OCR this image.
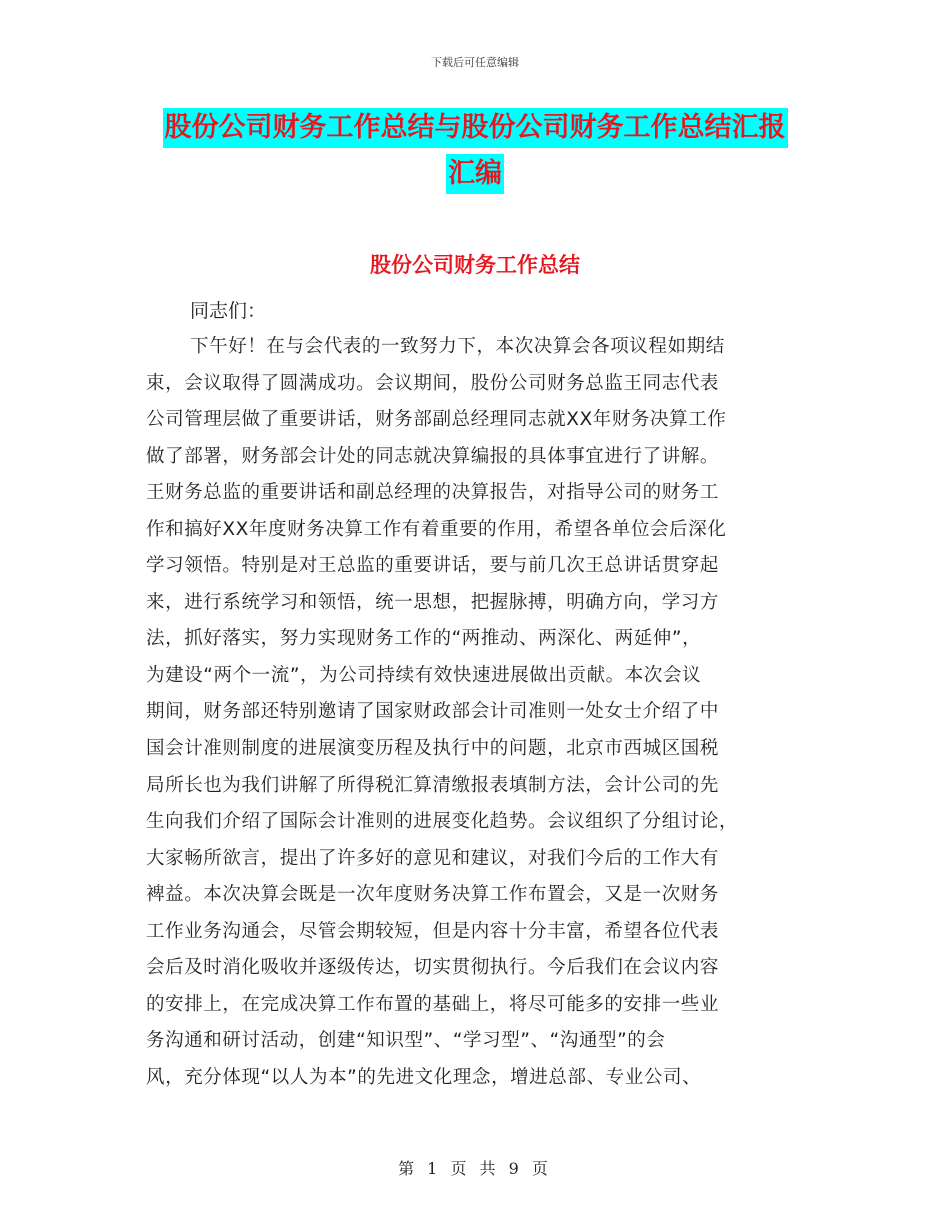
下载后可任意编辑
股份公司财务工作总结与股份公司财务工作总结汇报
汇编
股份公司财务工作总结
同志们：
下午好！在与会代表的一致努力下，本次决算会各项议程如期结
束，会议取得了圆满成功。会议期间，股份公司财务总监王同志代表
公司管理层做了重要讲话，财务部副总经理同志就XX年财务决算工作
做了部署，财务部会计处的同志就决算编报的具体事宜进行了讲解。
王财务总监的重要讲话和副总经理的决算报告，对指导公司的财务工
作和搞好XX年度财务决算工作有着重要的作用，希望各单位会后深化
学习领悟。特别是对王总监的重要讲话，要与前几次王总讲话贯穿起
来，进行系统学习和领悟，统一思想，把握脉搏，明确方向，学习方
法，抓好落实，努力实现财务工作的“两推动、两深化、两延伸”，
为建设“两个一流”，为公司持续有效快速进展做出贡献。本次会议
期间，财务部还特别邀请了国家财政部会计司准则一处女士介绍了中
国会计准则制度的进展演变历程及执行中的问题，北京市西城区国税
局所长也为我们讲解了所得税汇算清缴报表填制方法，会计公司的先
生向我们介绍了国际会计准则的进展变化趋势。会议组织了分组讨论，
大家畅所欲言，提出了许多好的意见和建议，对我们今后的工作大有
裨益。本次决算会既是一次年度财务决算工作布置会，又是一次财务
工作业务沟通会，尽管会期较短，但是内容十分丰富，希望各位代表
会后及时消化吸收并逐级传达，切实贯彻执行。今后我们在会议内容
的安排上，在完成决算工作布置的基础上，将尽可能多的安排一些业
务沟通和研讨活动，创建“知识型”、“学习型”、“沟通型”的会
风，充分体现“以人为本”的先进文化理念，增进总部、专业公司、
第 1 页 共 9 页
